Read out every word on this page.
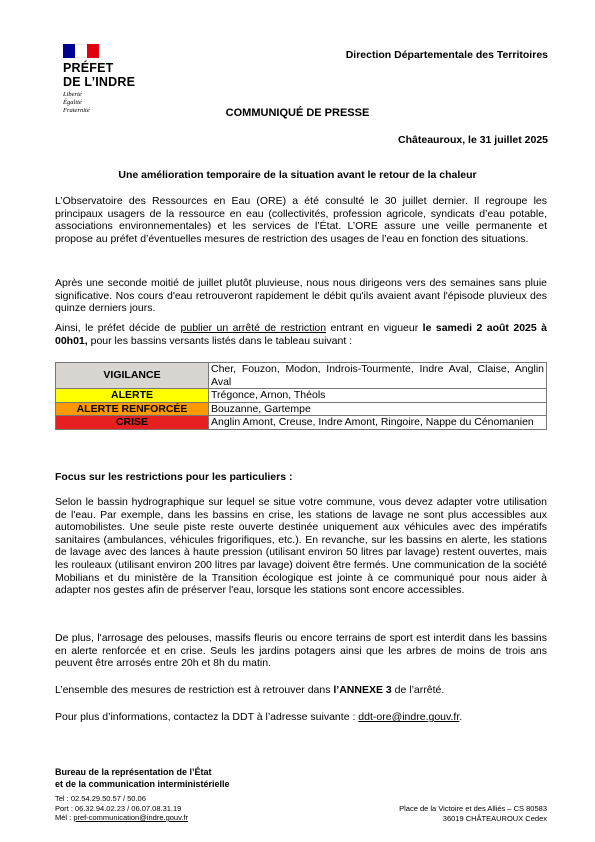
PRÉFET
DE L’INDRE
Liberté
Égalité
Fraternité
Direction Départementale des Territoires
COMMUNIQUÉ DE PRESSE
Châteauroux, le 31 juillet 2025
Une amélioration temporaire de la situation avant le retour de la chaleur
L’Observatoire des Ressources en Eau (ORE) a été consulté le 30 juillet dernier. Il regroupe les principaux usagers de la ressource en eau (collectivités, profession agricole, syndicats d’eau potable, associations environnementales) et les services de l’État. L’ORE assure une veille permanente et propose au préfet d’éventuelles mesures de restriction des usages de l’eau en fonction des situations.
Après une seconde moitié de juillet plutôt pluvieuse, nous nous dirigeons vers des semaines sans pluie significative. Nos cours d'eau retrouveront rapidement le débit qu'ils avaient avant l'épisode pluvieux des quinze derniers jours.
Ainsi, le préfet décide de publier un arrêté de restriction entrant en vigueur le samedi 2 août 2025 à 00h01, pour les bassins versants listés dans le tableau suivant :
VIGILANCE	Cher, Fouzon, Modon, Indrois-Tourmente, Indre Aval, Claise, Anglin Aval
ALERTE	Trégonce, Arnon, Théols
ALERTE RENFORCÉE	Bouzanne, Gartempe
CRISE	Anglin Amont, Creuse, Indre Amont, Ringoire, Nappe du Cénomanien
Focus sur les restrictions pour les particuliers :
Selon le bassin hydrographique sur lequel se situe votre commune, vous devez adapter votre utilisation de l'eau. Par exemple, dans les bassins en crise, les stations de lavage ne sont plus accessibles aux automobilistes. Une seule piste reste ouverte destinée uniquement aux véhicules avec des impératifs sanitaires (ambulances, véhicules frigorifiques, etc.). En revanche, sur les bassins en alerte, les stations de lavage avec des lances à haute pression (utilisant environ 50 litres par lavage) restent ouvertes, mais les rouleaux (utilisant environ 200 litres par lavage) doivent être fermés. Une communication de la société Mobilians et du ministère de la Transition écologique est jointe à ce communiqué pour nous aider à adapter nos gestes afin de préserver l'eau, lorsque les stations sont encore accessibles.
De plus, l'arrosage des pelouses, massifs fleuris ou encore terrains de sport est interdit dans les bassins en alerte renforcée et en crise. Seuls les jardins potagers ainsi que les arbres de moins de trois ans peuvent être arrosés entre 20h et 8h du matin.
L’ensemble des mesures de restriction est à retrouver dans l’ANNEXE 3 de l’arrêté.
Pour plus d’informations, contactez la DDT à l’adresse suivante : ddt-ore@indre.gouv.fr.
Bureau de la représentation de l’État
et de la communication interministérielle
Tel : 02.54.29.50.57 / 50.06
Port : 06.32.94.02.23 / 06.07.08.31.19
Mél : pref-communication@indre.gouv.fr
Place de la Victoire et des Alliés – CS 80583
36019 CHÂTEAUROUX Cedex
